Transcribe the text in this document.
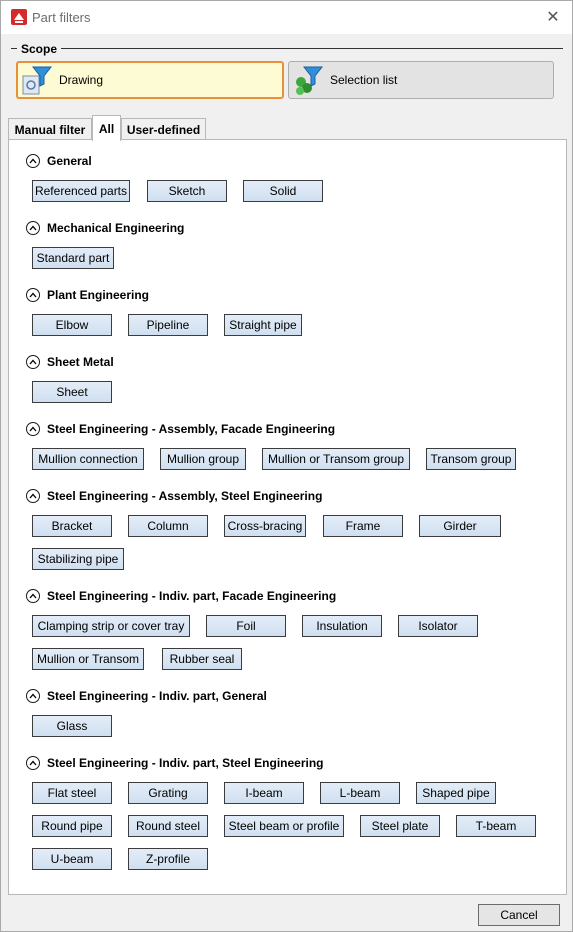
Part filters	✕
Scope
Drawing	Selection list
Manual filter	All	User-defined
General
Referenced parts	Sketch	Solid
Mechanical Engineering
Standard part
Plant Engineering
Elbow	Pipeline	Straight pipe
Sheet Metal
Sheet
Steel Engineering - Assembly, Facade Engineering
Mullion connection	Mullion group	Mullion or Transom group	Transom group
Steel Engineering - Assembly, Steel Engineering
Bracket	Column	Cross-bracing	Frame	Girder
Stabilizing pipe
Steel Engineering - Indiv. part, Facade Engineering
Clamping strip or cover tray	Foil	Insulation	Isolator
Mullion or Transom	Rubber seal
Steel Engineering - Indiv. part, General
Glass
Steel Engineering - Indiv. part, Steel Engineering
Flat steel	Grating	I-beam	L-beam	Shaped pipe
Round pipe	Round steel	Steel beam or profile	Steel plate	T-beam
U-beam	Z-profile
Cancel
